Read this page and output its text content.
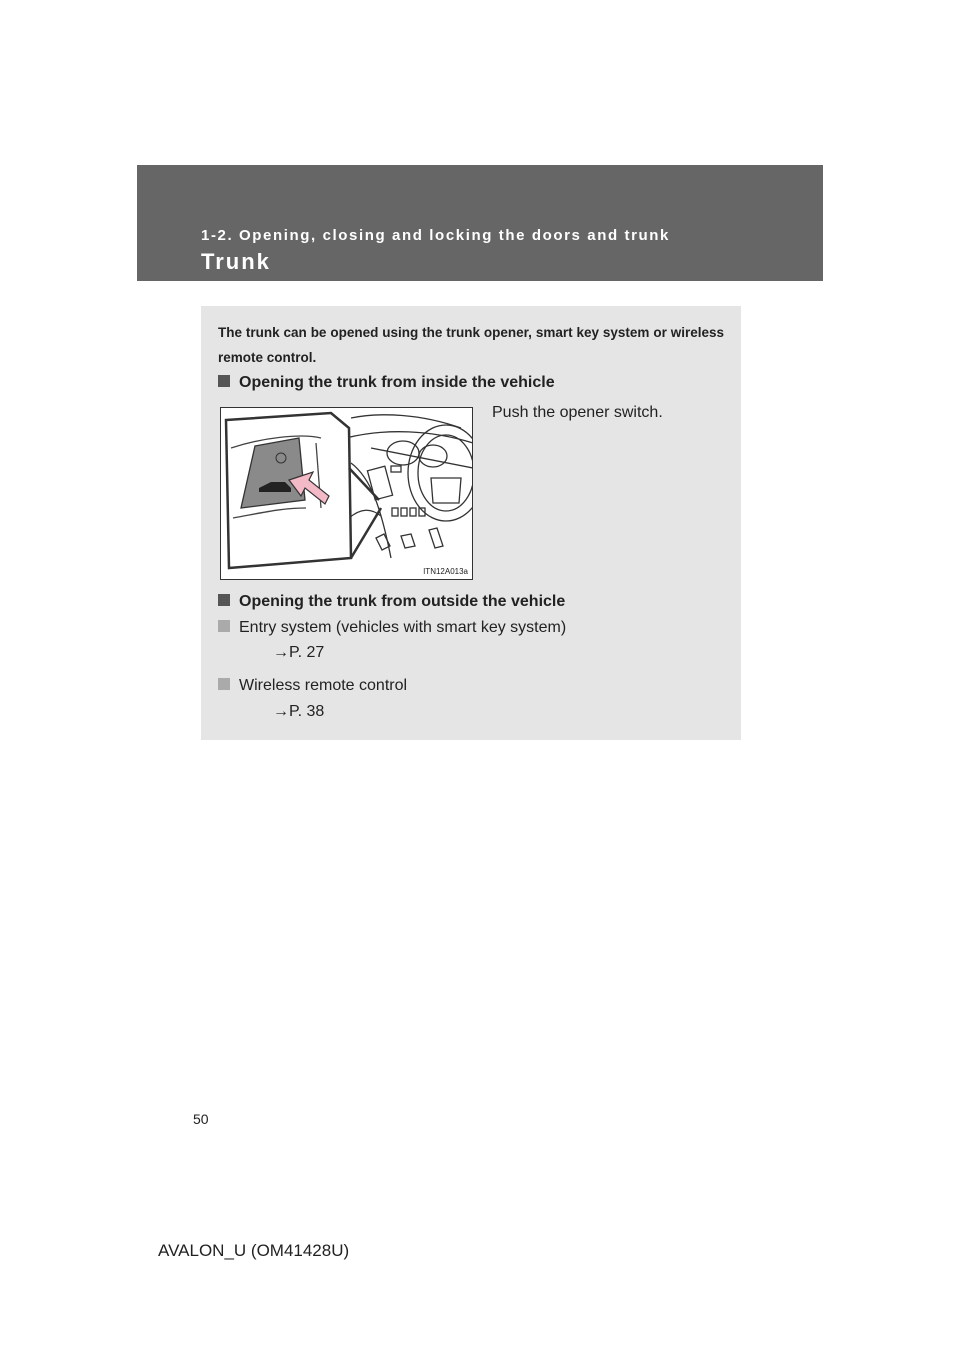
1-2. Opening, closing and locking the doors and trunk
Trunk
The trunk can be opened using the trunk opener, smart key system or wireless remote control.
Opening the trunk from inside the vehicle
ITN12A013a
Push the opener switch.
Opening the trunk from outside the vehicle
Entry system (vehicles with smart key system)
→P. 27
Wireless remote control
→P. 38
50
AVALON_U (OM41428U)
